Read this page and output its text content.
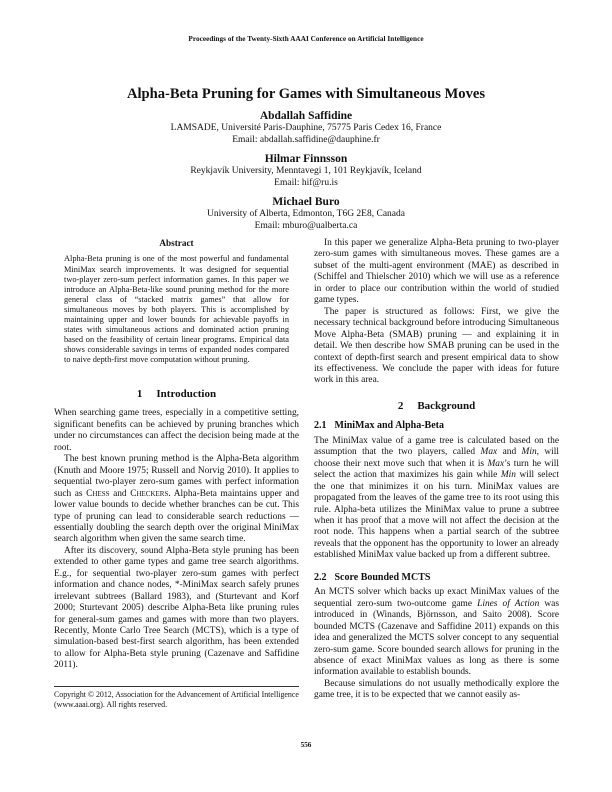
Proceedings of the Twenty-Sixth AAAI Conference on Artificial Intelligence
Alpha-Beta Pruning for Games with Simultaneous Moves
Abdallah Saffidine
LAMSADE, Université Paris-Dauphine, 75775 Paris Cedex 16, France
Email: abdallah.saffidine@dauphine.fr
Hilmar Finnsson
Reykjavík University, Menntavegi 1, 101 Reykjavík, Iceland
Email: hif@ru.is
Michael Buro
University of Alberta, Edmonton, T6G 2E8, Canada
Email: mburo@ualberta.ca
Abstract

Alpha-Beta pruning is one of the most powerful and fundamental MiniMax search improvements. It was designed for sequential two-player zero-sum perfect information games. In this paper we introduce an Alpha-Beta-like sound pruning method for the more general class of “stacked matrix games” that allow for simultaneous moves by both players. This is accomplished by maintaining upper and lower bounds for achievable payoffs in states with simultaneous actions and dominated action pruning based on the feasibility of certain linear programs. Empirical data shows considerable savings in terms of expanded nodes compared to naive depth-first move computation without pruning.

1 Introduction

When searching game trees, especially in a competitive setting, significant benefits can be achieved by pruning branches which under no circumstances can affect the decision being made at the root.

The best known pruning method is the Alpha-Beta algorithm (Knuth and Moore 1975; Russell and Norvig 2010). It applies to sequential two-player zero-sum games with perfect information such as Chess and Checkers. Alpha-Beta maintains upper and lower value bounds to decide whether branches can be cut. This type of pruning can lead to considerable search reductions — essentially doubling the search depth over the original MiniMax search algorithm when given the same search time.

After its discovery, sound Alpha-Beta style pruning has been extended to other game types and game tree search algorithms. E.g., for sequential two-player zero-sum games with perfect information and chance nodes, *-MiniMax search safely prunes irrelevant subtrees (Ballard 1983), and (Sturtevant and Korf 2000; Sturtevant 2005) describe Alpha-Beta like pruning rules for general-sum games and games with more than two players. Recently, Monte Carlo Tree Search (MCTS), which is a type of simulation-based best-first search algorithm, has been extended to allow for Alpha-Beta style pruning (Cazenave and Saffidine 2011).

Copyright © 2012, Association for the Advancement of Artificial Intelligence (www.aaai.org). All rights reserved.

In this paper we generalize Alpha-Beta pruning to two-player zero-sum games with simultaneous moves. These games are a subset of the multi-agent environment (MAE) as described in (Schiffel and Thielscher 2010) which we will use as a reference in order to place our contribution within the world of studied game types.

The paper is structured as follows: First, we give the necessary technical background before introducing Simultaneous Move Alpha-Beta (SMAB) pruning — and explaining it in detail. We then describe how SMAB pruning can be used in the context of depth-first search and present empirical data to show its effectiveness. We conclude the paper with ideas for future work in this area.

2 Background
2.1 MiniMax and Alpha-Beta

The MiniMax value of a game tree is calculated based on the assumption that the two players, called Max and Min, will choose their next move such that when it is Max’s turn he will select the action that maximizes his gain while Min will select the one that minimizes it on his turn. MiniMax values are propagated from the leaves of the game tree to its root using this rule. Alpha-beta utilizes the MiniMax value to prune a subtree when it has proof that a move will not affect the decision at the root node. This happens when a partial search of the subtree reveals that the opponent has the opportunity to lower an already established MiniMax value backed up from a different subtree.

2.2 Score Bounded MCTS

An MCTS solver which backs up exact MiniMax values of the sequential zero-sum two-outcome game Lines of Action was introduced in (Winands, Björnsson, and Saito 2008). Score bounded MCTS (Cazenave and Saffidine 2011) expands on this idea and generalized the MCTS solver concept to any sequential zero-sum game. Score bounded search allows for pruning in the absence of exact MiniMax values as long as there is some information available to establish bounds.

Because simulations do not usually methodically explore the game tree, it is to be expected that we cannot easily as-

556
